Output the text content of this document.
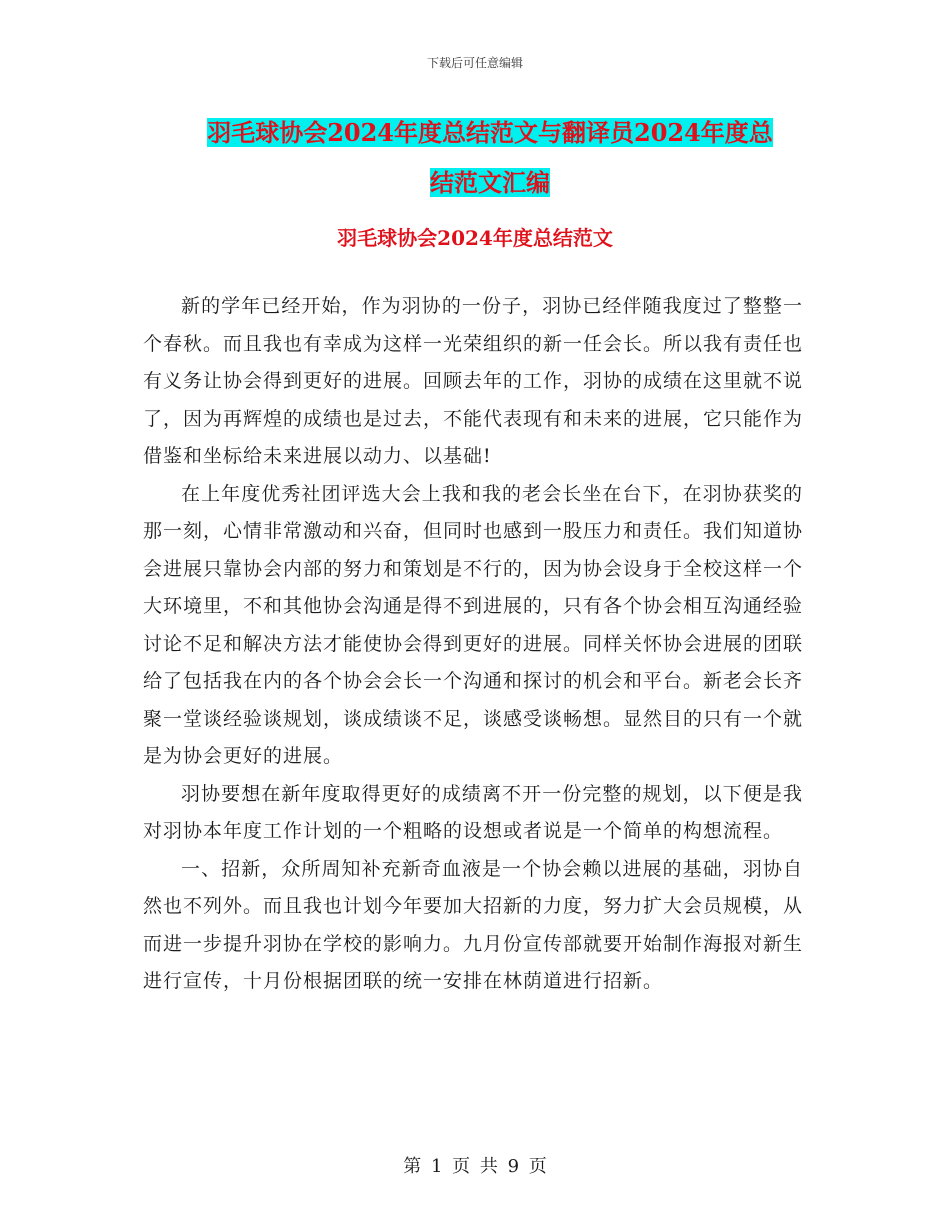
下载后可任意编辑
羽毛球协会2024年度总结范文与翻译员2024年度总
结范文汇编
羽毛球协会2024年度总结范文

新的学年已经开始，作为羽协的一份子，羽协已经伴随我度过了整整一个春秋。而且我也有幸成为这样一光荣组织的新一任会长。所以我有责任也有义务让协会得到更好的进展。回顾去年的工作，羽协的成绩在这里就不说了，因为再辉煌的成绩也是过去，不能代表现有和未来的进展，它只能作为借鉴和坐标给未来进展以动力、以基础!

在上年度优秀社团评选大会上我和我的老会长坐在台下，在羽协获奖的那一刻，心情非常激动和兴奋，但同时也感到一股压力和责任。我们知道协会进展只靠协会内部的努力和策划是不行的，因为协会设身于全校这样一个大环境里，不和其他协会沟通是得不到进展的，只有各个协会相互沟通经验讨论不足和解决方法才能使协会得到更好的进展。同样关怀协会进展的团联给了包括我在内的各个协会会长一个沟通和探讨的机会和平台。新老会长齐聚一堂谈经验谈规划，谈成绩谈不足，谈感受谈畅想。显然目的只有一个就是为协会更好的进展。

羽协要想在新年度取得更好的成绩离不开一份完整的规划，以下便是我对羽协本年度工作计划的一个粗略的设想或者说是一个简单的构想流程。

一、招新，众所周知补充新奇血液是一个协会赖以进展的基础，羽协自然也不列外。而且我也计划今年要加大招新的力度，努力扩大会员规模，从而进一步提升羽协在学校的影响力。九月份宣传部就要开始制作海报对新生进行宣传，十月份根据团联的统一安排在林荫道进行招新。

第 1 页 共 9 页
